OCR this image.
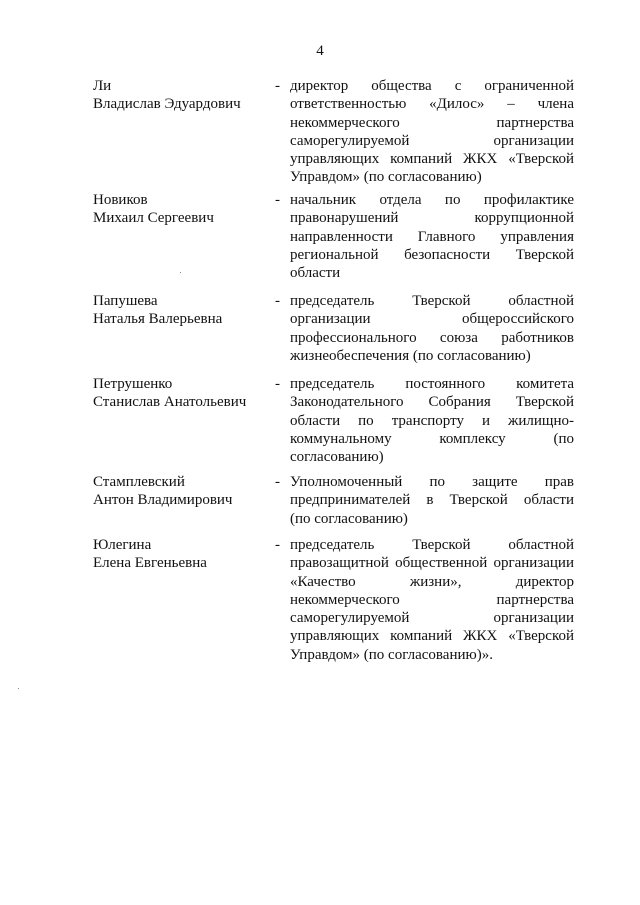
4
Ли
Владислав Эдуардович
- директор общества с ограниченной
ответственностью «Дилос» – члена
некоммерческого партнерства
саморегулируемой организации
управляющих компаний ЖКХ «Тверской
Управдом» (по согласованию)
Новиков
Михаил Сергеевич
- начальник отдела по профилактике
правонарушений коррупционной
направленности Главного управления
региональной безопасности Тверской
области
Папушева
Наталья Валерьевна
- председатель Тверской областной
организации общероссийского
профессионального союза работников
жизнеобеспечения (по согласованию)
Петрушенко
Станислав Анатольевич
- председатель постоянного комитета
Законодательного Собрания Тверской
области по транспорту и жилищно-
коммунальному комплексу (по
согласованию)
Стамплевский
Антон Владимирович
- Уполномоченный по защите прав
предпринимателей в Тверской области
(по согласованию)
Юлегина
Елена Евгеньевна
- председатель Тверской областной
правозащитной общественной организации
«Качество жизни», директор
некоммерческого партнерства
саморегулируемой организации
управляющих компаний ЖКХ «Тверской
Управдом» (по согласованию)».
